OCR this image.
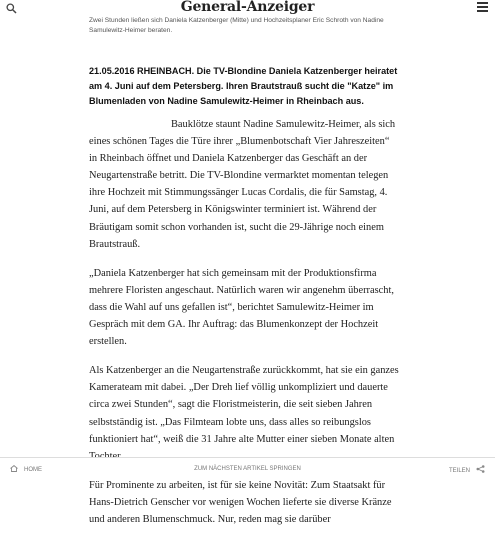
General-Anzeiger
Zwei Stunden ließen sich Daniela Katzenberger (Mitte) und Hochzeitsplaner Eric Schroth von Nadine Samulewitz-Heimer beraten.
21.05.2016 RHEINBACH. Die TV-Blondine Daniela Katzenberger heiratet am 4. Juni auf dem Petersberg. Ihren Brautstrauß sucht die "Katze" im Blumenladen von Nadine Samulewitz-Heimer in Rheinbach aus.

Bauklötze staunt Nadine Samulewitz-Heimer, als sich eines schönen Tages die Türe ihrer „Blumenbotschaft Vier Jahreszeiten“ in Rheinbach öffnet und Daniela Katzenberger das Geschäft an der Neugartenstraße betritt. Die TV-Blondine vermarktet momentan telegen ihre Hochzeit mit Stimmungssänger Lucas Cordalis, die für Samstag, 4. Juni, auf dem Petersberg in Königswinter terminiert ist. Während der Bräutigam somit schon vorhanden ist, sucht die 29-Jährige noch einem Brautstrauß.

„Daniela Katzenberger hat sich gemeinsam mit der Produktionsfirma mehrere Floristen angeschaut. Natürlich waren wir angenehm überrascht, dass die Wahl auf uns gefallen ist“, berichtet Samulewitz-Heimer im Gespräch mit dem GA. Ihr Auftrag: das Blumenkonzept der Hochzeit erstellen.

Als Katzenberger an die Neugartenstraße zurückkommt, hat sie ein ganzes Kamerateam mit dabei. „Der Dreh lief völlig unkompliziert und dauerte circa zwei Stunden“, sagt die Floristmeisterin, die seit sieben Jahren selbstständig ist. „Das Filmteam lobte uns, dass alles so reibungslos funktioniert hat“, weiß die 31 Jahre alte Mutter einer sieben Monate alten

Für Prominente zu arbeiten, ist für sie keine Novität: Zum Staatsakt für Hans-Dietrich Genscher vor wenigen Wochen lieferte sie diverse Kränze und anderen Blumenschmuck. Nur, reden mag sie darüber

HOME	ZUM NÄCHSTEN ARTIKEL SPRINGEN	TEILEN
